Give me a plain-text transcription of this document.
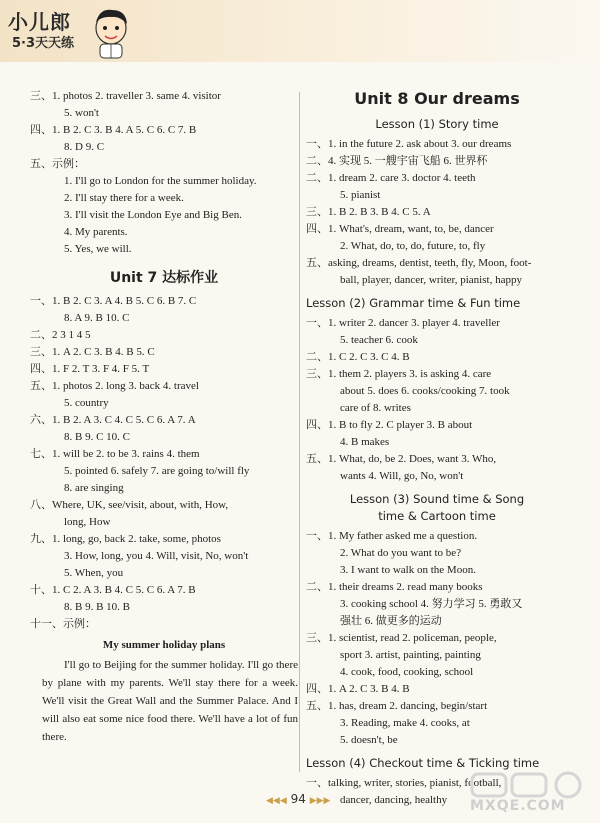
小儿郎
5·3天天练
三、1. photos 2. traveller 3. same 4. visitor
5. won't
四、1. B 2. C 3. B 4. A 5. C 6. C 7. B
8. D 9. C
五、示例：
1. I'll go to London for the summer holiday.
2. I'll stay there for a week.
3. I'll visit the London Eye and Big Ben.
4. My parents.
5. Yes, we will.
Unit 7 达标作业
一、1. B 2. C 3. A 4. B 5. C 6. B 7. C
8. A 9. B 10. C
二、2 3 1 4 5
三、1. A 2. C 3. B 4. B 5. C
四、1. F 2. T 3. F 4. F 5. T
五、1. photos 2. long 3. back 4. travel
5. country
六、1. B 2. A 3. C 4. C 5. C 6. A 7. A
8. B 9. C 10. C
七、1. will be 2. to be 3. rains 4. them
5. pointed 6. safely 7. are going to/will fly
8. are singing
八、Where, UK, see/visit, about, with, How,
long, How
九、1. long, go, back 2. take, some, photos
3. How, long, you 4. Will, visit, No, won't
5. When, you
十、1. C 2. A 3. B 4. C 5. C 6. A 7. B
8. B 9. B 10. B
十一、示例：
My summer holiday plans
I'll go to Beijing for the summer holiday. I'll go there by plane with my parents. We'll stay there for a week. We'll visit the Great Wall and the Summer Palace. And I will also eat some nice food there. We'll have a lot of fun there.
Unit 8 Our dreams
Lesson (1) Story time
一、1. in the future 2. ask about 3. our dreams
二、4. 实现 5. 一艘宇宙飞船 6. 世界杯
二、1. dream 2. care 3. doctor 4. teeth
5. pianist
三、1. B 2. B 3. B 4. C 5. A
四、1. What's, dream, want, to, be, dancer
2. What, do, to, do, future, to, fly
五、asking, dreams, dentist, teeth, fly, Moon, foot-
ball, player, dancer, writer, pianist, happy
Lesson (2) Grammar time & Fun time
一、1. writer 2. dancer 3. player 4. traveller
5. teacher 6. cook
二、1. C 2. C 3. C 4. B
三、1. them 2. players 3. is asking 4. care
about 5. does 6. cooks/cooking 7. took
care of 8. writes
四、1. B to fly 2. C player 3. B about
4. B makes
五、1. What, do, be 2. Does, want 3. Who,
wants 4. Will, go, No, won't
Lesson (3) Sound time & Song
time & Cartoon time
一、1. My father asked me a question.
2. What do you want to be?
3. I want to walk on the Moon.
二、1. their dreams 2. read many books
3. cooking school 4. 努力学习 5. 勇敢又
强壮 6. 做更多的运动
三、1. scientist, read 2. policeman, people,
sport 3. artist, painting, painting
4. cook, food, cooking, school
四、1. A 2. C 3. B 4. B
五、1. has, dream 2. dancing, begin/start
3. Reading, make 4. cooks, at
5. doesn't, be
Lesson (4) Checkout time & Ticking time
一、talking, writer, stories, pianist, football,
dancer, dancing, healthy
◀◀◀ 94 ▶▶▶	MXQE.COM
